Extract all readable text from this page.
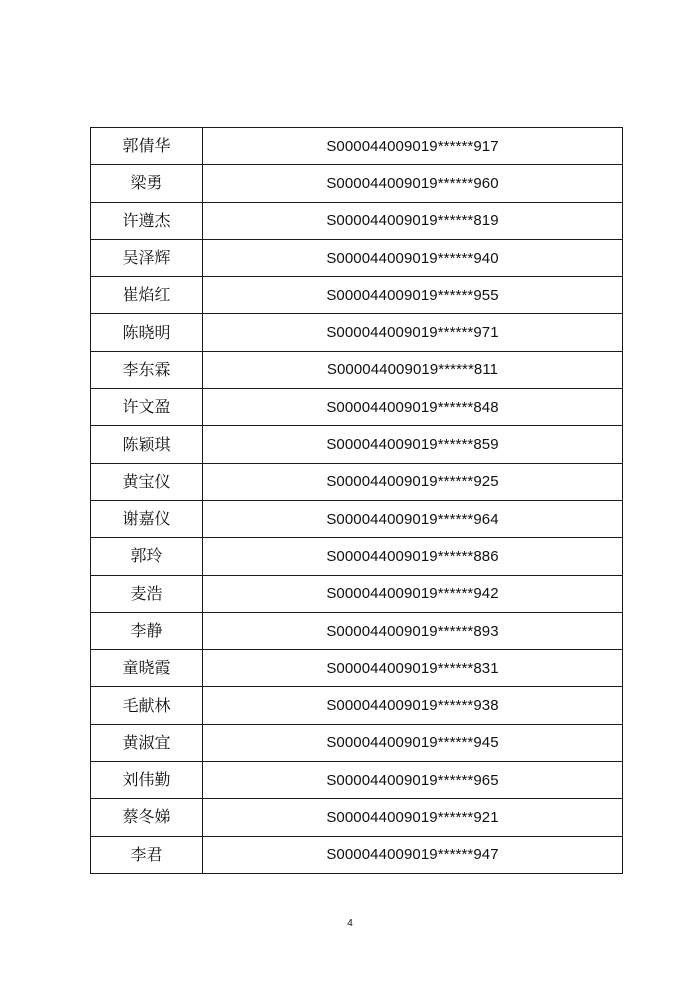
郭倩华	S000044009019******917
梁勇	S000044009019******960
许遵杰	S000044009019******819
吴泽辉	S000044009019******940
崔焰红	S000044009019******955
陈晓明	S000044009019******971
李东霖	S000044009019******811
许文盈	S000044009019******848
陈颖琪	S000044009019******859
黄宝仪	S000044009019******925
谢嘉仪	S000044009019******964
郭玲	S000044009019******886
麦浩	S000044009019******942
李静	S000044009019******893
童晓霞	S000044009019******831
毛献林	S000044009019******938
黄淑宜	S000044009019******945
刘伟勤	S000044009019******965
蔡冬娣	S000044009019******921
李君	S000044009019******947
4
